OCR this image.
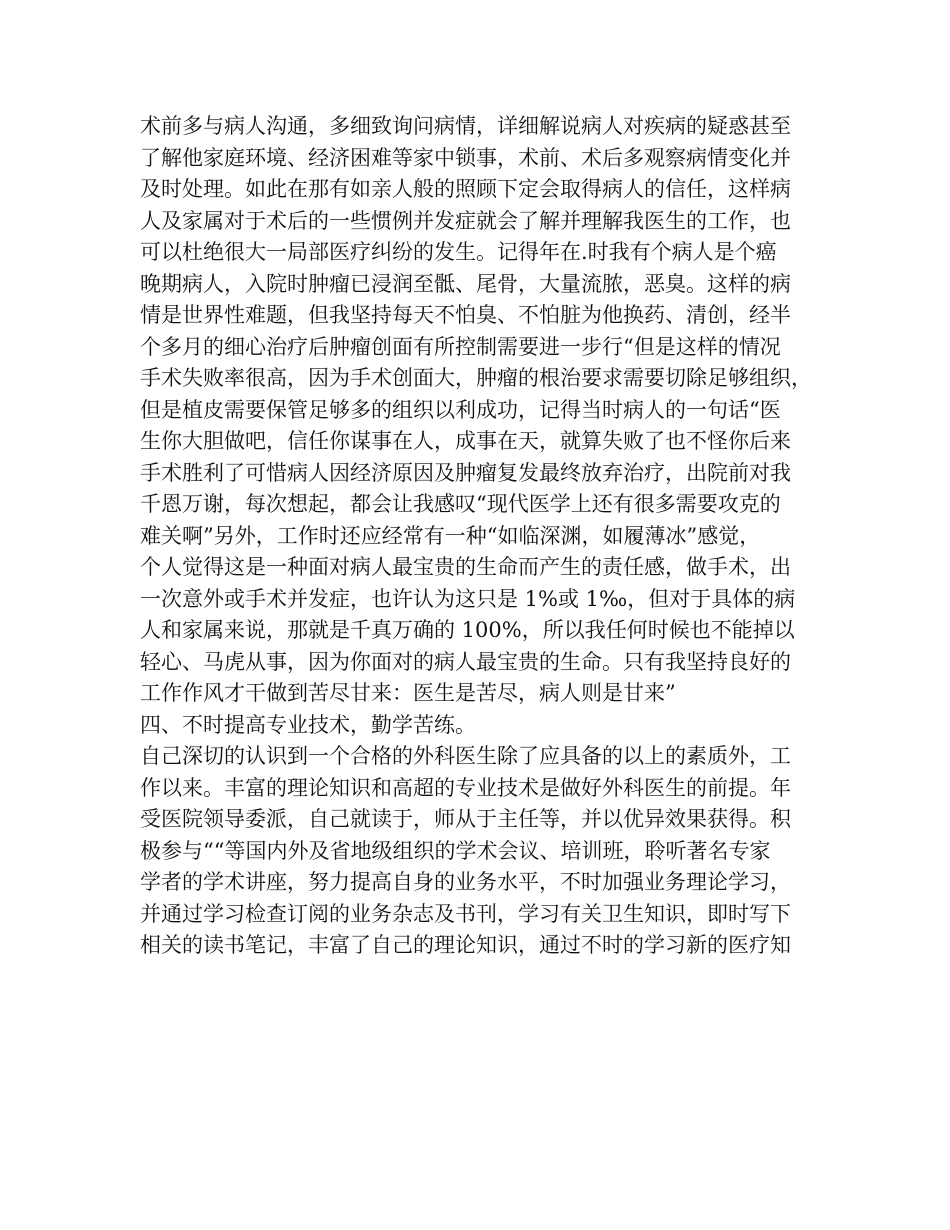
术前多与病人沟通，多细致询问病情，详细解说病人对疾病的疑惑甚至
了解他家庭环境、经济困难等家中锁事，术前、术后多观察病情变化并
及时处理。如此在那有如亲人般的照顾下定会取得病人的信任，这样病
人及家属对于术后的一些惯例并发症就会了解并理解我医生的工作，也
可以杜绝很大一局部医疗纠纷的发生。记得年在.时我有个病人是个癌
晚期病人，入院时肿瘤已浸润至骶、尾骨，大量流脓，恶臭。这样的病
情是世界性难题，但我坚持每天不怕臭、不怕脏为他换药、清创，经半
个多月的细心治疗后肿瘤创面有所控制需要进一步行“但是这样的情况
手术失败率很高，因为手术创面大，肿瘤的根治要求需要切除足够组织，
但是植皮需要保管足够多的组织以利成功，记得当时病人的一句话“医
生你大胆做吧，信任你谋事在人，成事在天，就算失败了也不怪你后来
手术胜利了可惜病人因经济原因及肿瘤复发最终放弃治疗，出院前对我
千恩万谢，每次想起，都会让我感叹“现代医学上还有很多需要攻克的
难关啊”另外，工作时还应经常有一种“如临深渊，如履薄冰”感觉，
个人觉得这是一种面对病人最宝贵的生命而产生的责任感，做手术，出
一次意外或手术并发症，也许认为这只是 1%或 1‰，但对于具体的病
人和家属来说，那就是千真万确的 100%，所以我任何时候也不能掉以
轻心、马虎从事，因为你面对的病人最宝贵的生命。只有我坚持良好的
工作作风才干做到苦尽甘来：医生是苦尽，病人则是甘来”
四、不时提高专业技术，勤学苦练。
自己深切的认识到一个合格的外科医生除了应具备的以上的素质外，工
作以来。丰富的理论知识和高超的专业技术是做好外科医生的前提。年
受医院领导委派，自己就读于，师从于主任等，并以优异效果获得。积
极参与““等国内外及省地级组织的学术会议、培训班，聆听著名专家
学者的学术讲座，努力提高自身的业务水平，不时加强业务理论学习，
并通过学习检查订阅的业务杂志及书刊，学习有关卫生知识，即时写下
相关的读书笔记，丰富了自己的理论知识，通过不时的学习新的医疗知
